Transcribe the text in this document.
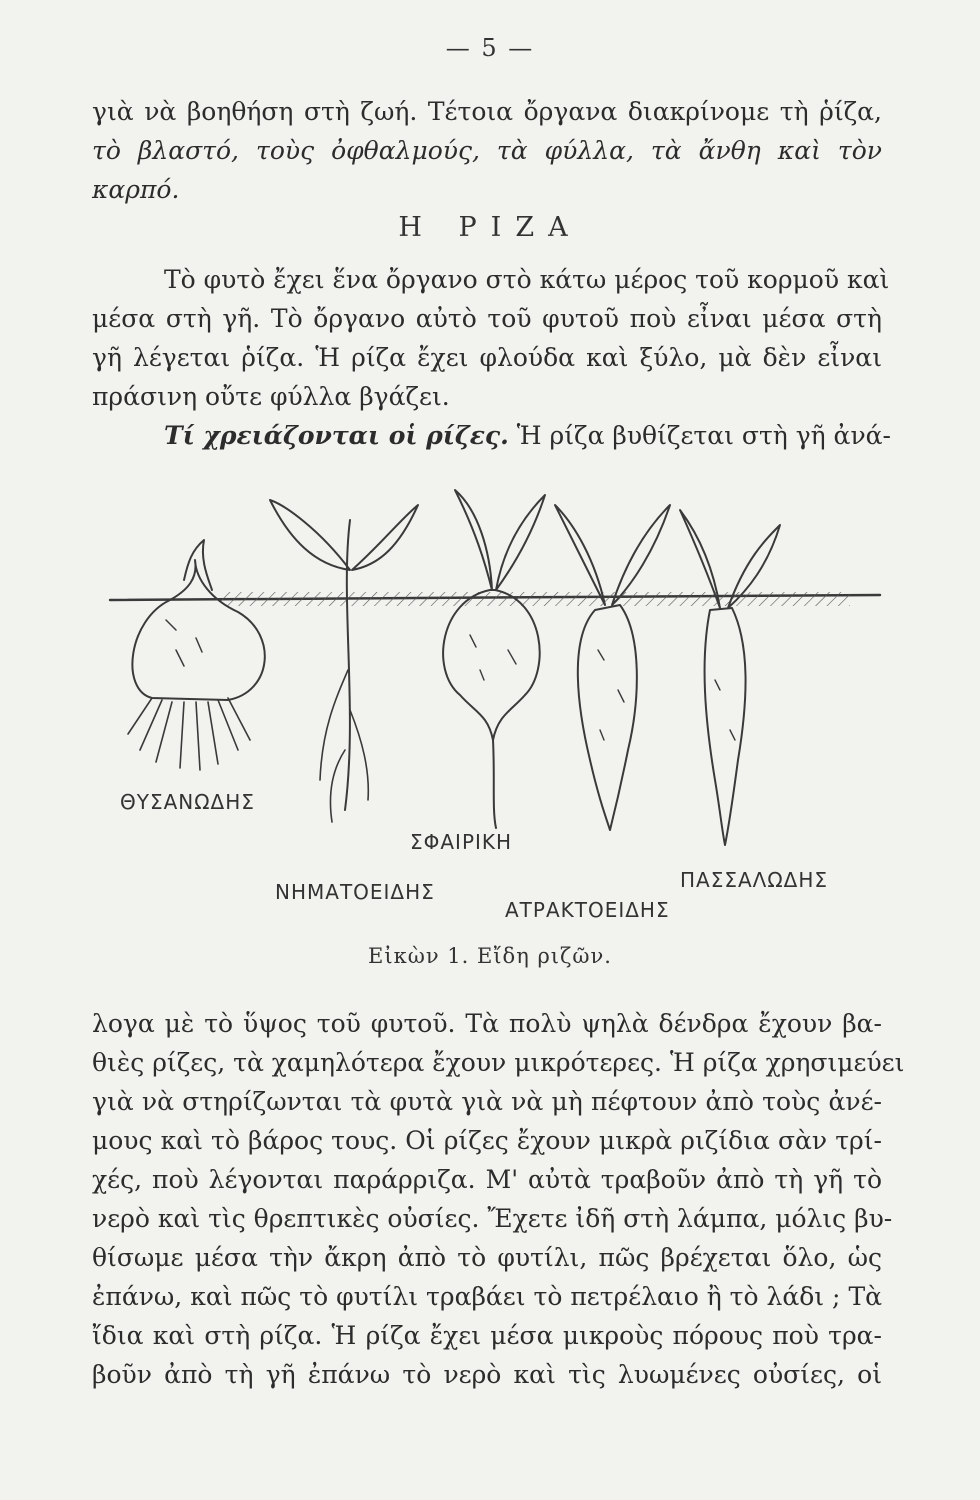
— 5 —
γιὰ νὰ βοηθήση στὴ ζωή. Τέτοια ὄργανα διακρίνομε τὴ ῥίζα,
τὸ βλαστό, τοὺς ὀφθαλμούς, τὰ φύλλα, τὰ ἄνθη καὶ τὸν
καρπό.
Η ΡΙΖΑ
Τὸ φυτὸ ἔχει ἕνα ὄργανο στὸ κάτω μέρος τοῦ κορμοῦ καὶ
μέσα στὴ γῆ. Τὸ ὄργανο αὐτὸ τοῦ φυτοῦ ποὺ εἶναι μέσα στὴ
γῆ λέγεται ῥίζα. Ἡ ρίζα ἔχει φλούδα καὶ ξύλο, μὰ δὲν εἶναι
πράσινη οὔτε φύλλα βγάζει.
Τί χρειάζονται οἱ ρίζες. Ἡ ρίζα βυθίζεται στὴ γῆ ἀνά-
ΘΥΣΑΝΩΔΗΣ
ΣΦΑΙΡΙΚΗ
ΝΗΜΑΤΟΕΙΔΗΣ
ΑΤΡΑΚΤΟΕΙΔΗΣ
ΠΑΣΣΑΛΩΔΗΣ
Εἰκὼν 1. Εἴδη ριζῶν.
λογα μὲ τὸ ὕψος τοῦ φυτοῦ. Τὰ πολὺ ψηλὰ δένδρα ἔχουν βα-
θιὲς ρίζες, τὰ χαμηλότερα ἔχουν μικρότερες. Ἡ ρίζα χρησιμεύει
γιὰ νὰ στηρίζωνται τὰ φυτὰ γιὰ νὰ μὴ πέφτουν ἀπὸ τοὺς ἀνέ-
μους καὶ τὸ βάρος τους. Οἱ ρίζες ἔχουν μικρὰ ριζίδια σὰν τρί-
χές, ποὺ λέγονται παράρριζα. Μ' αὐτὰ τραβοῦν ἀπὸ τὴ γῆ τὸ
νερὸ καὶ τὶς θρεπτικὲς οὐσίες. Ἔχετε ἰδῆ στὴ λάμπα, μόλις βυ-
θίσωμε μέσα τὴν ἄκρη ἀπὸ τὸ φυτίλι, πῶς βρέχεται ὅλο, ὡς
ἐπάνω, καὶ πῶς τὸ φυτίλι τραβάει τὸ πετρέλαιο ἢ τὸ λάδι ; Τὰ
ἴδια καὶ στὴ ρίζα. Ἡ ρίζα ἔχει μέσα μικροὺς πόρους ποὺ τρα-
βοῦν ἀπὸ τὴ γῆ ἐπάνω τὸ νερὸ καὶ τὶς λυωμένες οὐσίες, οἱ
